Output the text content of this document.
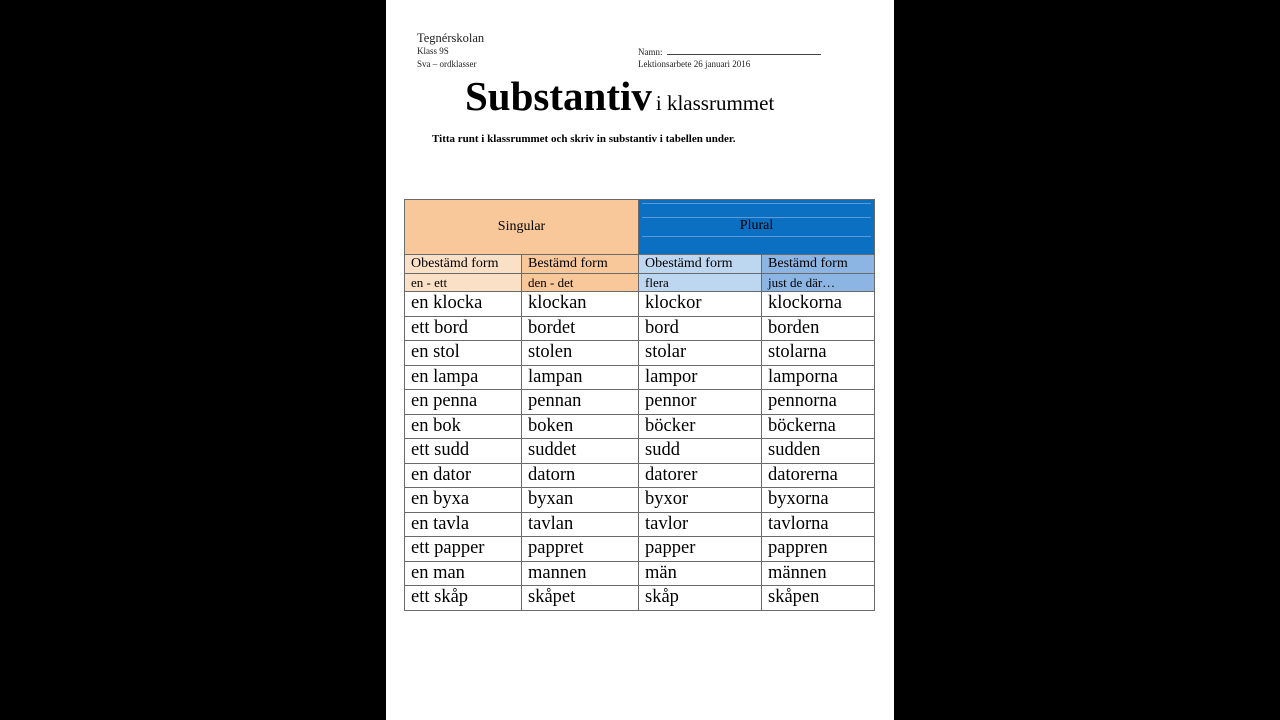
Tegnérskolan
Klass 9S
Sva – ordklasser
Namn:
Lektionsarbete 26 januari 2016
Substantiv i klassrummet
Titta runt i klassrummet och skriv in substantiv i tabellen under.
Singular		Plural	

Obestämd form	Bestämd form	Obestämd form	Bestämd form
en - ett	den - det	flera	just de där…
en klocka	klockan	klockor	klockorna
ett bord	bordet	bord	borden
en stol	stolen	stolar	stolarna
en lampa	lampan	lampor	lamporna
en penna	pennan	pennor	pennorna
en bok	boken	böcker	böckerna
ett sudd	suddet	sudd	sudden
en dator	datorn	datorer	datorerna
en byxa	byxan	byxor	byxorna
en tavla	tavlan	tavlor	tavlorna
ett papper	pappret	papper	pappren
en man	mannen	män	männen
ett skåp	skåpet	skåp	skåpen
